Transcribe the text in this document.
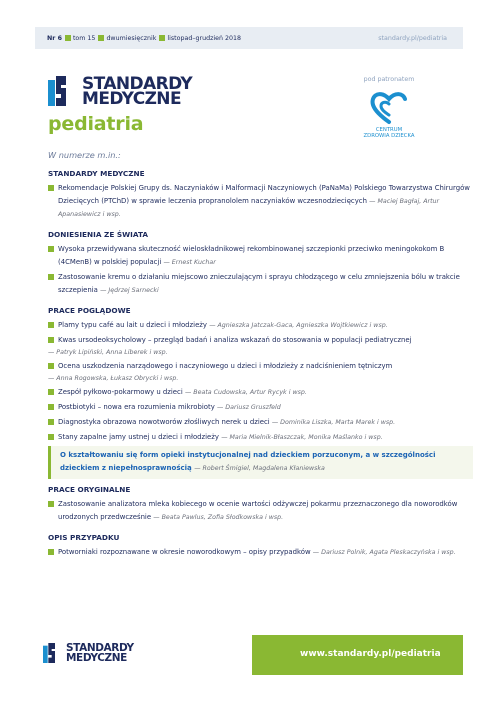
Nr 6 tom 15 dwumiesięcznik listopad–grudzień 2018	standardy.pl/pediatria
STANDARDY
MEDYCZNE
pediatria
pod patronatem
CENTRUM
ZDROWIA DZIECKA
W numerze m.in.:
STANDARDY MEDYCZNE
Rekomendacje Polskiej Grupy ds. Naczyniaków i Malformacji Naczyniowych (PaNaMa) Polskiego Towarzystwa Chirurgów Dziecięcych (PTChD) w sprawie leczenia propranololem naczyniaków wczesnodziecięcych — Maciej Bagłaj, Artur Apanasiewicz i wsp.
DONIESIENIA ZE ŚWIATA
Wysoka przewidywana skuteczność wieloskładnikowej rekombinowanej szczepionki przeciwko meningokokom B (4CMenB) w polskiej populacji — Ernest Kuchar
Zastosowanie kremu o działaniu miejscowo znieczulającym i sprayu chłodzącego w celu zmniejszenia bólu w trakcie szczepienia — Jędrzej Sarnecki
PRACE POGLĄDOWE
Plamy typu café au lait u dzieci i młodzieży — Agnieszka Jatczak-Gaca, Agnieszka Wojtkiewicz i wsp.
Kwas ursodeoksycholowy – przegląd badań i analiza wskazań do stosowania w populacji pediatrycznej
— Patryk Lipiński, Anna Liberek i wsp.
Ocena uszkodzenia narządowego i naczyniowego u dzieci i młodzieży z nadciśnieniem tętniczym
— Anna Rogowska, Łukasz Obrycki i wsp.
Zespół pyłkowo-pokarmowy u dzieci — Beata Cudowska, Artur Rycyk i wsp.
Postbiotyki – nowa era rozumienia mikrobioty — Dariusz Gruszfeld
Diagnostyka obrazowa nowotworów złośliwych nerek u dzieci — Dominika Liszka, Marta Marek i wsp.
Stany zapalne jamy ustnej u dzieci i młodzieży — Maria Mielnik-Błaszczak, Monika Maślanko i wsp.
O kształtowaniu się form opieki instytucjonalnej nad dzieckiem porzuconym, a w szczególności dzieckiem z niepełnosprawnością — Robert Śmigiel, Magdalena Kłaniewska
PRACE ORYGINALNE
Zastosowanie analizatora mleka kobiecego w ocenie wartości odżywczej pokarmu przeznaczonego dla noworodków urodzonych przedwcześnie — Beata Pawlus, Zofia Słodkowska i wsp.
OPIS PRZYPADKU
Potworniaki rozpoznawane w okresie noworodkowym – opisy przypadków — Dariusz Polnik, Agata Pleskaczyńska i wsp.
STANDARDY
MEDYCZNE	www.standardy.pl/pediatria
